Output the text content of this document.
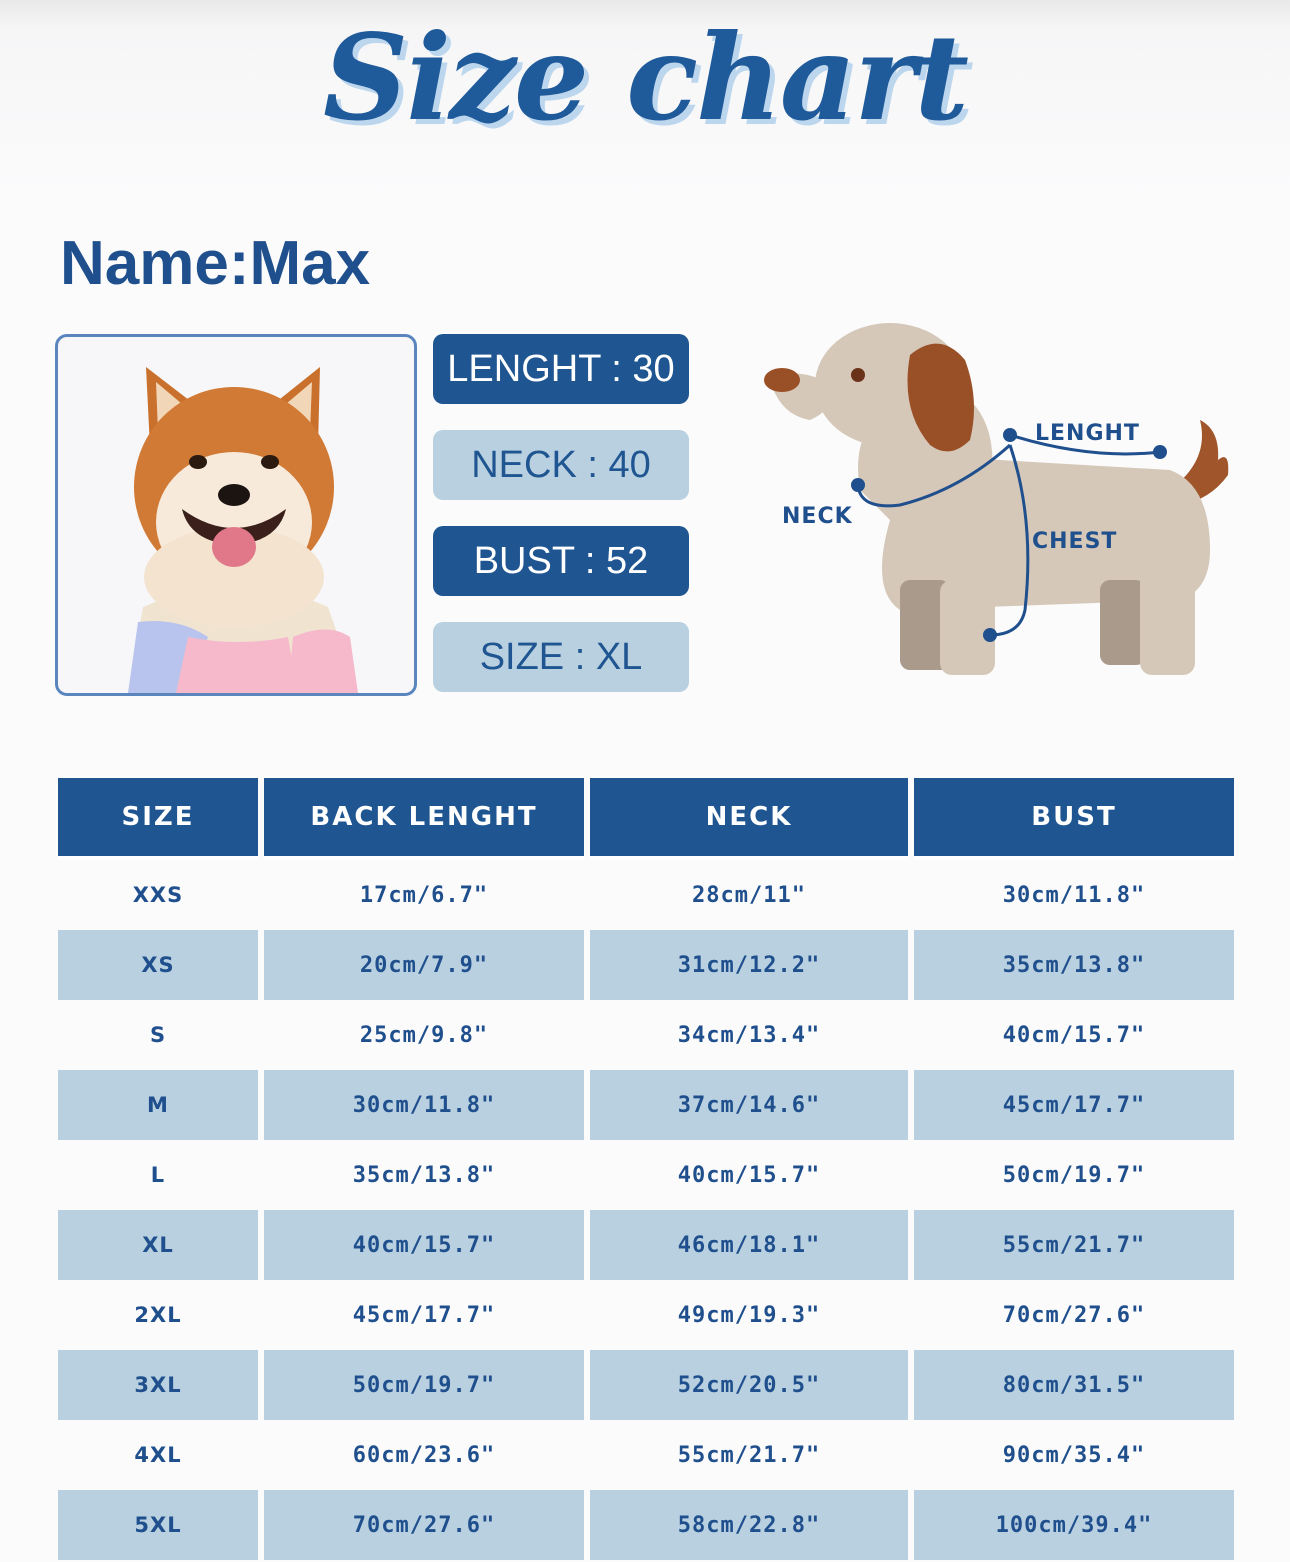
Size chart
Name:Max
LENGHT : 30
NECK : 40
BUST : 52
SIZE : XL
LENGHT
NECK
CHEST
SIZE	BACK LENGHT	NECK	BUST
XXS	17cm/6.7"	28cm/11"	30cm/11.8"
XS	20cm/7.9"	31cm/12.2"	35cm/13.8"
S	25cm/9.8"	34cm/13.4"	40cm/15.7"
M	30cm/11.8"	37cm/14.6"	45cm/17.7"
L	35cm/13.8"	40cm/15.7"	50cm/19.7"
XL	40cm/15.7"	46cm/18.1"	55cm/21.7"
2XL	45cm/17.7"	49cm/19.3"	70cm/27.6"
3XL	50cm/19.7"	52cm/20.5"	80cm/31.5"
4XL	60cm/23.6"	55cm/21.7"	90cm/35.4"
5XL	70cm/27.6"	58cm/22.8"	100cm/39.4"
